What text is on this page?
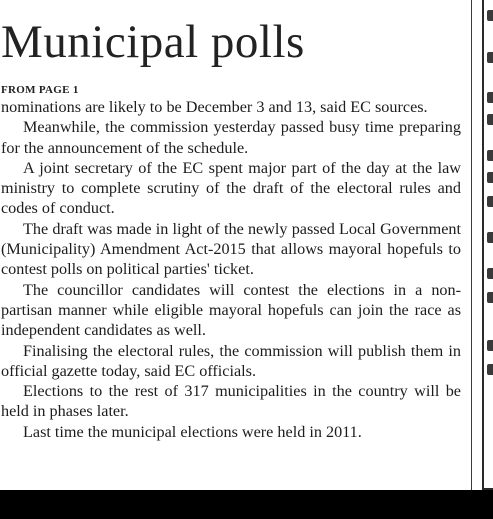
Municipal polls
FROM PAGE 1

nominations are likely to be December 3 and 13, said EC sources.

Meanwhile, the commission yesterday passed busy time preparing for the announcement of the schedule.

A joint secretary of the EC spent major part of the day at the law ministry to complete scrutiny of the draft of the electoral rules and codes of conduct.

The draft was made in light of the newly passed Local Government (Municipality) Amendment Act-2015 that allows mayoral hopefuls to contest polls on political parties' ticket.

The councillor candidates will contest the elections in a non-partisan manner while eligible mayoral hopefuls can join the race as independent candidates as well.

Finalising the electoral rules, the commission will publish them in official gazette today, said EC officials.

Elections to the rest of 317 municipalities in the country will be held in phases later.

Last time the municipal elections were held in 2011.
